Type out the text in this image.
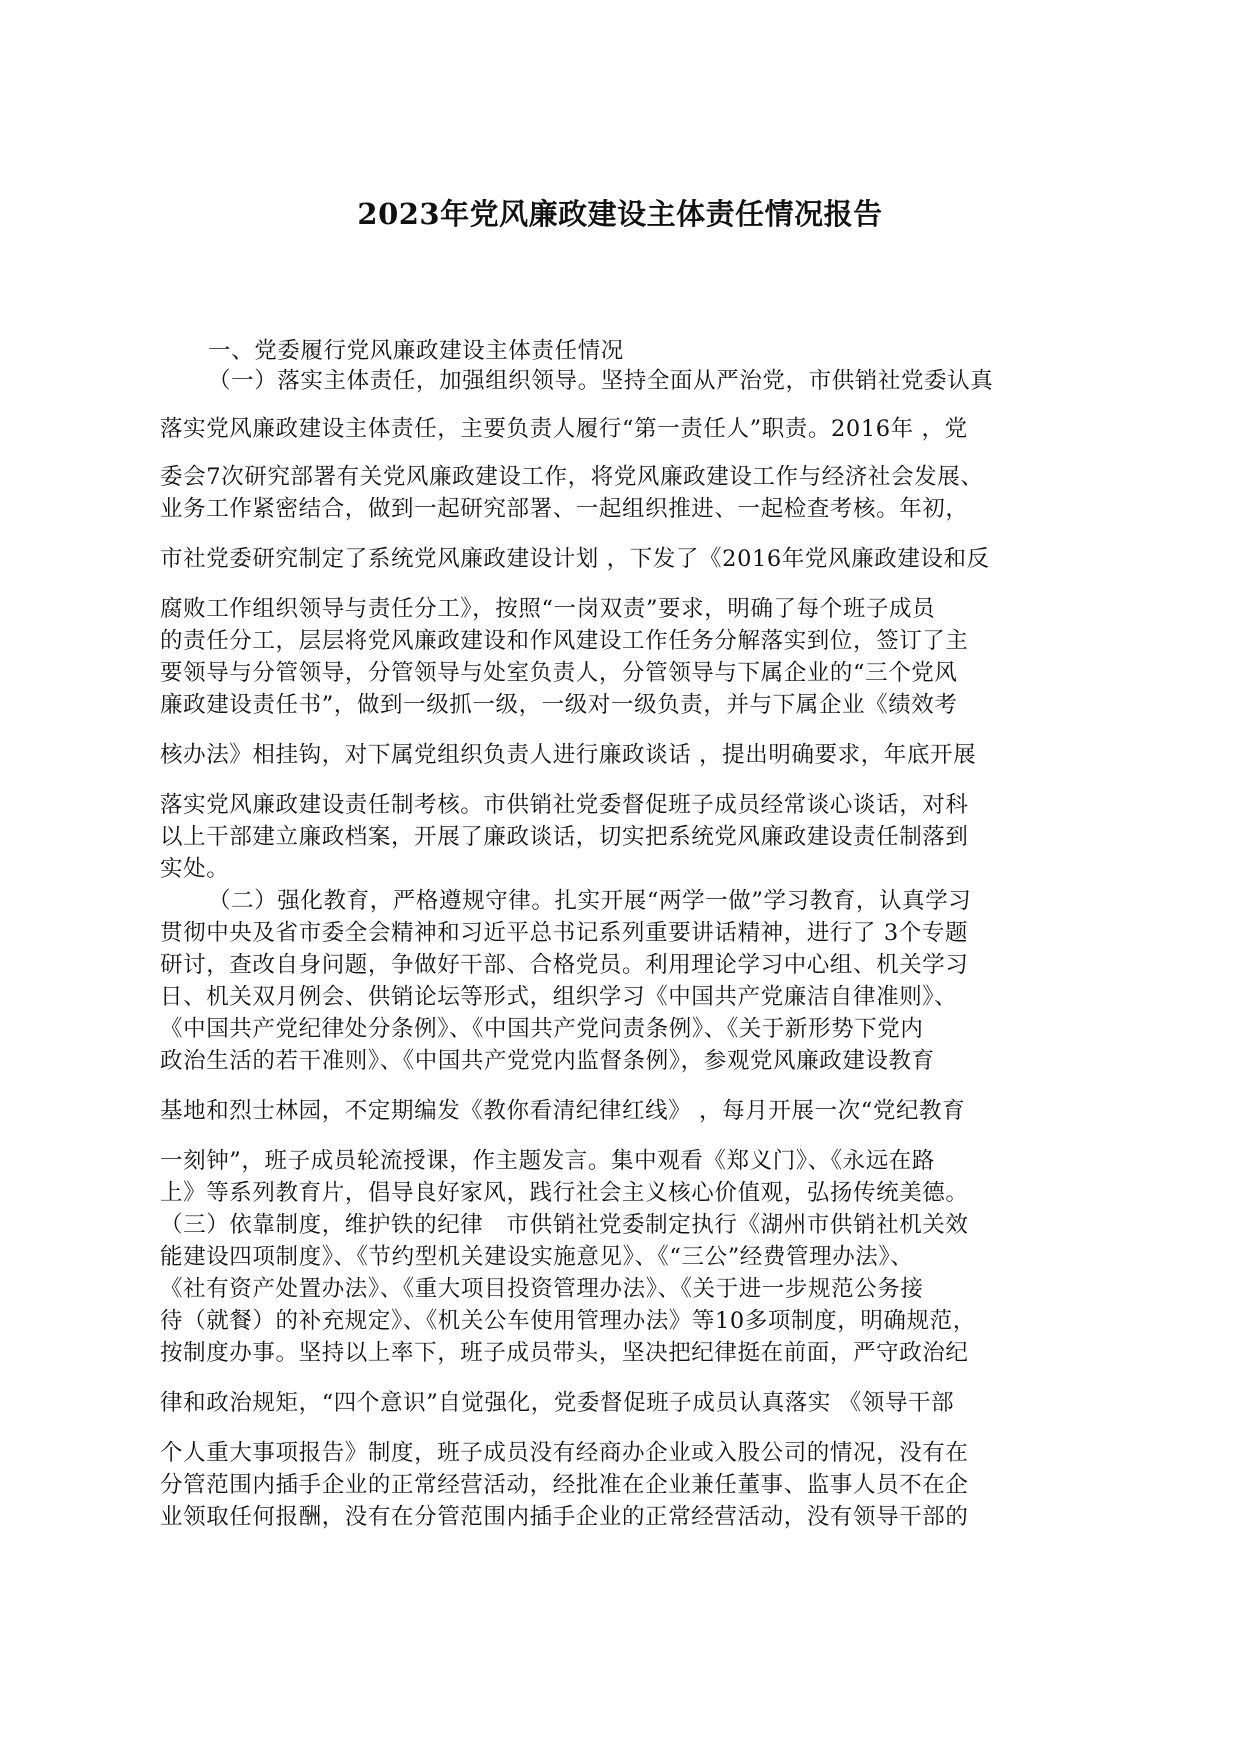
2023年党风廉政建设主体责任情况报告
一、党委履行党风廉政建设主体责任情况
（一）落实主体责任，加强组织领导。坚持全面从严治党，市供销社党委认真
落实党风廉政建设主体责任，主要负责人履行“第一责任人”职责。2016年 ，党
委会7次研究部署有关党风廉政建设工作，将党风廉政建设工作与经济社会发展、
业务工作紧密结合，做到一起研究部署、一起组织推进、一起检查考核。年初，
市社党委研究制定了系统党风廉政建设计划 ，下发了《2016年党风廉政建设和反
腐败工作组织领导与责任分工》，按照“一岗双责”要求，明确了每个班子成员
的责任分工，层层将党风廉政建设和作风建设工作任务分解落实到位，签订了主
要领导与分管领导，分管领导与处室负责人，分管领导与下属企业的“三个党风
廉政建设责任书”，做到一级抓一级，一级对一级负责，并与下属企业《绩效考
核办法》相挂钩，对下属党组织负责人进行廉政谈话 ，提出明确要求，年底开展
落实党风廉政建设责任制考核。市供销社党委督促班子成员经常谈心谈话，对科
以上干部建立廉政档案，开展了廉政谈话，切实把系统党风廉政建设责任制落到
实处。
（二）强化教育，严格遵规守律。扎实开展“两学一做”学习教育，认真学习
贯彻中央及省市委全会精神和习近平总书记系列重要讲话精神，进行了 3个专题
研讨，查改自身问题，争做好干部、合格党员。利用理论学习中心组、机关学习
日、机关双月例会、供销论坛等形式，组织学习《中国共产党廉洁自律准则》、
《中国共产党纪律处分条例》、《中国共产党问责条例》、《关于新形势下党内
政治生活的若干准则》、《中国共产党党内监督条例》，参观党风廉政建设教育
基地和烈士林园，不定期编发《教你看清纪律红线》 ，每月开展一次“党纪教育
一刻钟”，班子成员轮流授课，作主题发言。集中观看《郑义门》、《永远在路
上》等系列教育片，倡导良好家风，践行社会主义核心价值观，弘扬传统美德。
（三）依靠制度，维护铁的纪律　市供销社党委制定执行《湖州市供销社机关效
能建设四项制度》、《节约型机关建设实施意见》、《“三公”经费管理办法》、
《社有资产处置办法》、《重大项目投资管理办法》、《关于进一步规范公务接
待（就餐）的补充规定》、《机关公车使用管理办法》等10多项制度，明确规范，
按制度办事。坚持以上率下，班子成员带头，坚决把纪律挺在前面，严守政治纪
律和政治规矩，“四个意识”自觉强化，党委督促班子成员认真落实 《领导干部
个人重大事项报告》制度，班子成员没有经商办企业或入股公司的情况，没有在
分管范围内插手企业的正常经营活动，经批准在企业兼任董事、监事人员不在企
业领取任何报酬，没有在分管范围内插手企业的正常经营活动，没有领导干部的
